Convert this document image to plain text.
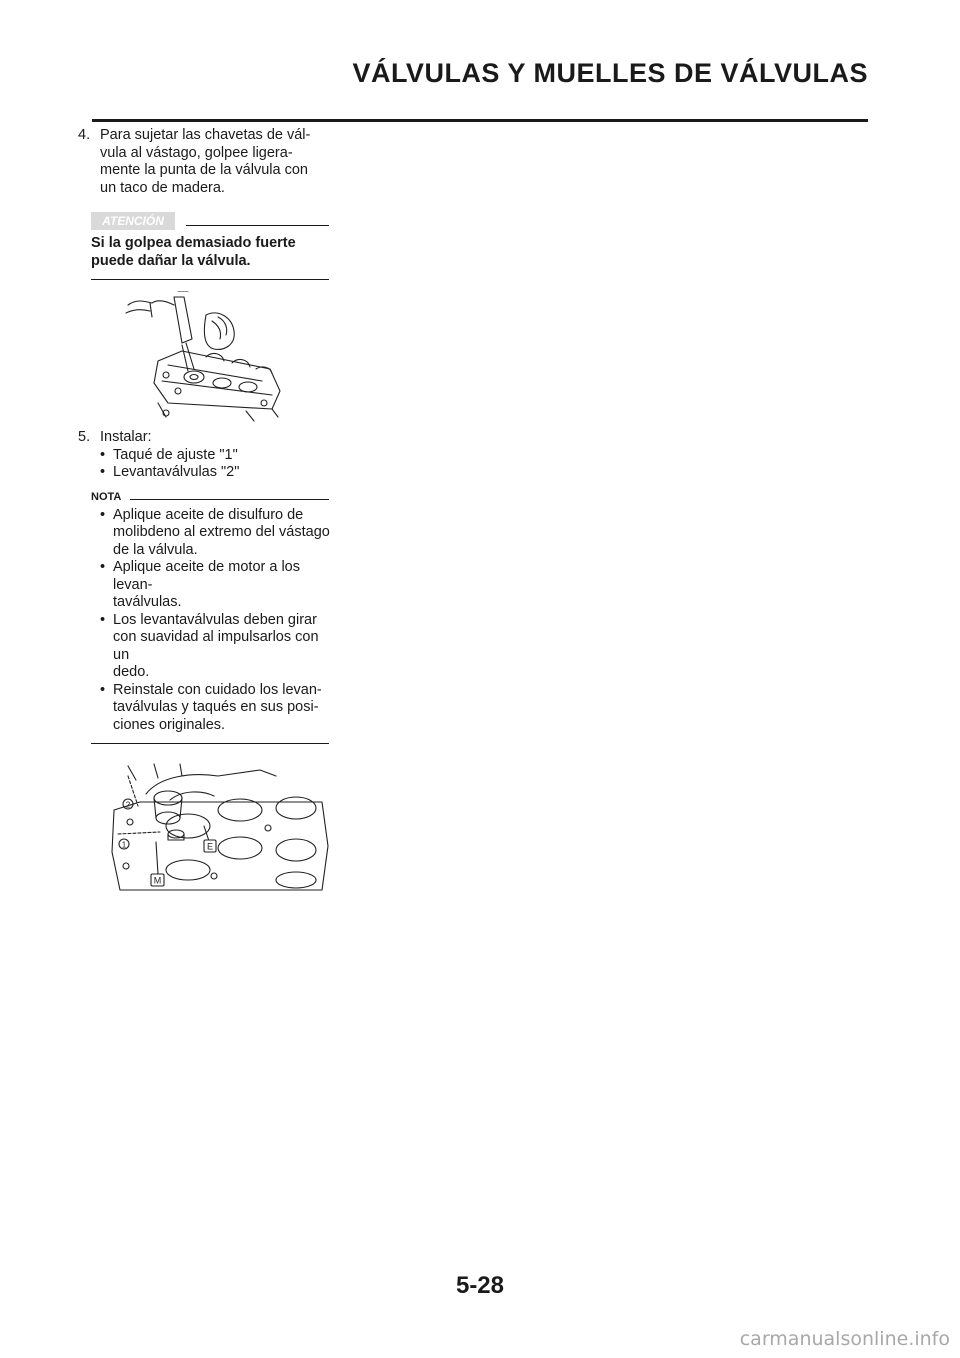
VÁLVULAS Y MUELLES DE VÁLVULAS
4. Para sujetar las chavetas de vál-
vula al vástago, golpee ligera-
mente la punta de la válvula con
un taco de madera.
ATENCIÓN
Si la golpea demasiado fuerte
puede dañar la válvula.
5. Instalar:
• Taqué de ajuste "1"
• Levantaválvulas "2"
NOTA
• Aplique aceite de disulfuro de
molibdeno al extremo del vástago
de la válvula.
• Aplique aceite de motor a los levan-
taválvulas.
• Los levantaválvulas deben girar
con suavidad al impulsarlos con un
dedo.
• Reinstale con cuidado los levan-
taválvulas y taqués en sus posi-
ciones originales.
2
1	E
M
5-28
carmanualsonline.info
